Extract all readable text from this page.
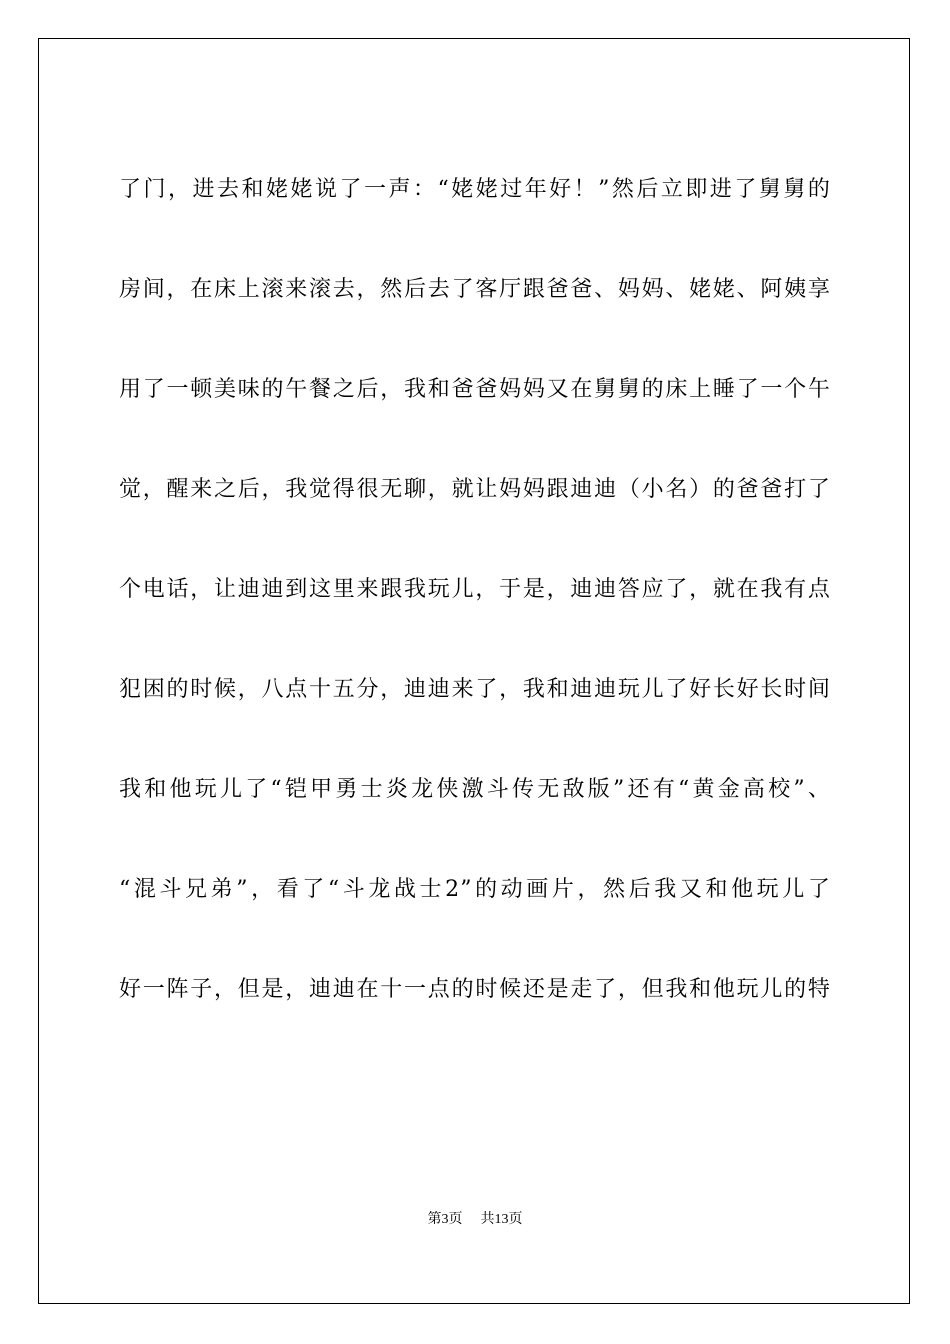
了门，进去和姥姥说了一声：“姥姥过年好！”然后立即进了舅舅的
房间，在床上滚来滚去，然后去了客厅跟爸爸、妈妈、姥姥、阿姨享
用了一顿美味的午餐之后，我和爸爸妈妈又在舅舅的床上睡了一个午
觉，醒来之后，我觉得很无聊，就让妈妈跟迪迪（小名）的爸爸打了
个电话，让迪迪到这里来跟我玩儿，于是，迪迪答应了，就在我有点
犯困的时候，八点十五分，迪迪来了，我和迪迪玩儿了好长好长时间
我和他玩儿了“铠甲勇士炎龙侠激斗传无敌版”还有“黄金高校”、
“混斗兄弟”，看了“斗龙战士2”的动画片，然后我又和他玩儿了
好一阵子，但是，迪迪在十一点的时候还是走了，但我和他玩儿的特
第3页 共13页
